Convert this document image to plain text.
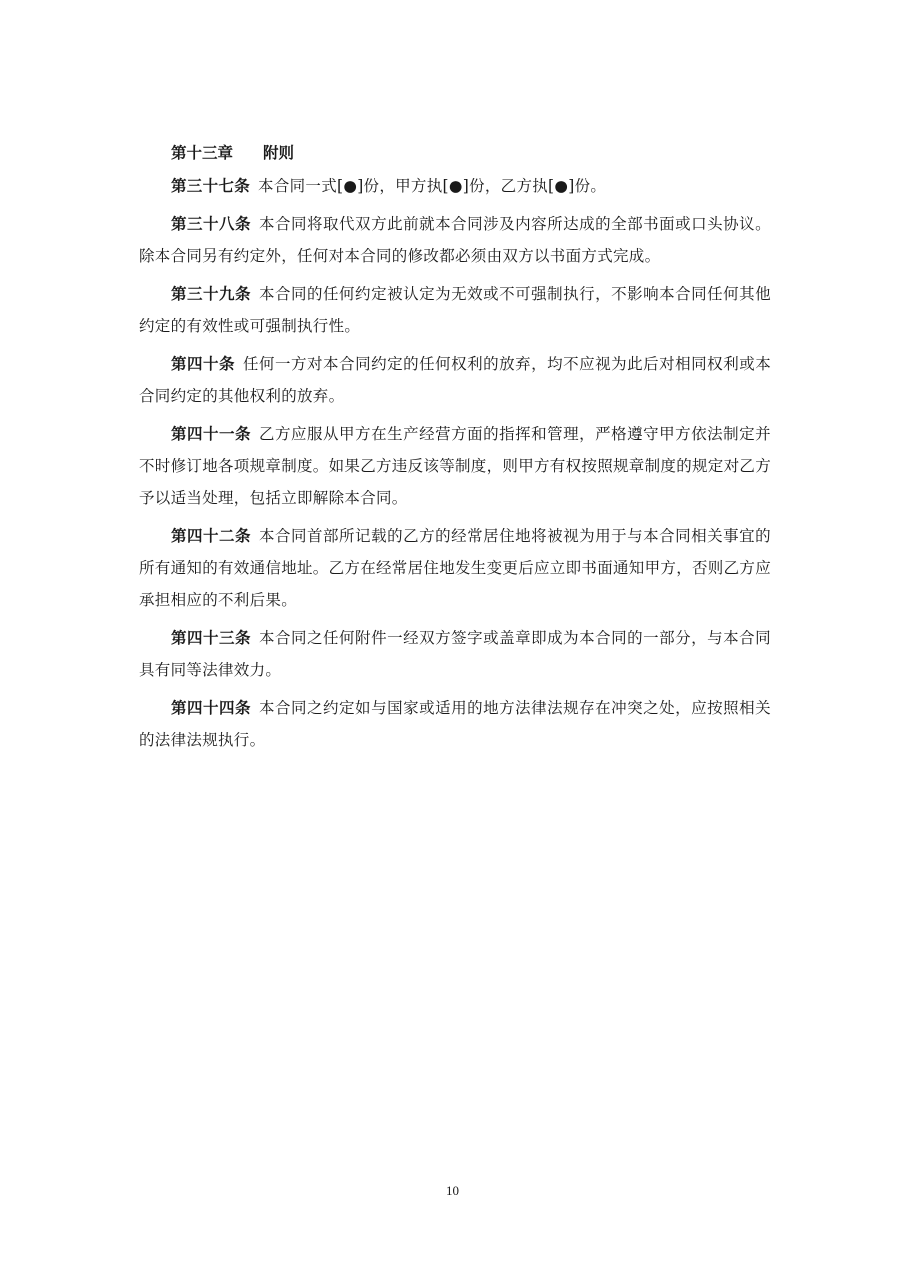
第十三章 附则

第三十七条 本合同一式[●]份，甲方执[●]份，乙方执[●]份。

第三十八条 本合同将取代双方此前就本合同涉及内容所达成的全部书面或口头协议。除本合同另有约定外，任何对本合同的修改都必须由双方以书面方式完成。

第三十九条 本合同的任何约定被认定为无效或不可强制执行，不影响本合同任何其他约定的有效性或可强制执行性。

第四十条 任何一方对本合同约定的任何权利的放弃，均不应视为此后对相同权利或本合同约定的其他权利的放弃。

第四十一条 乙方应服从甲方在生产经营方面的指挥和管理，严格遵守甲方依法制定并不时修订地各项规章制度。如果乙方违反该等制度，则甲方有权按照规章制度的规定对乙方予以适当处理，包括立即解除本合同。

第四十二条 本合同首部所记载的乙方的经常居住地将被视为用于与本合同相关事宜的所有通知的有效通信地址。乙方在经常居住地发生变更后应立即书面通知甲方，否则乙方应承担相应的不利后果。

第四十三条 本合同之任何附件一经双方签字或盖章即成为本合同的一部分，与本合同具有同等法律效力。

第四十四条 本合同之约定如与国家或适用的地方法律法规存在冲突之处，应按照相关的法律法规执行。

10
